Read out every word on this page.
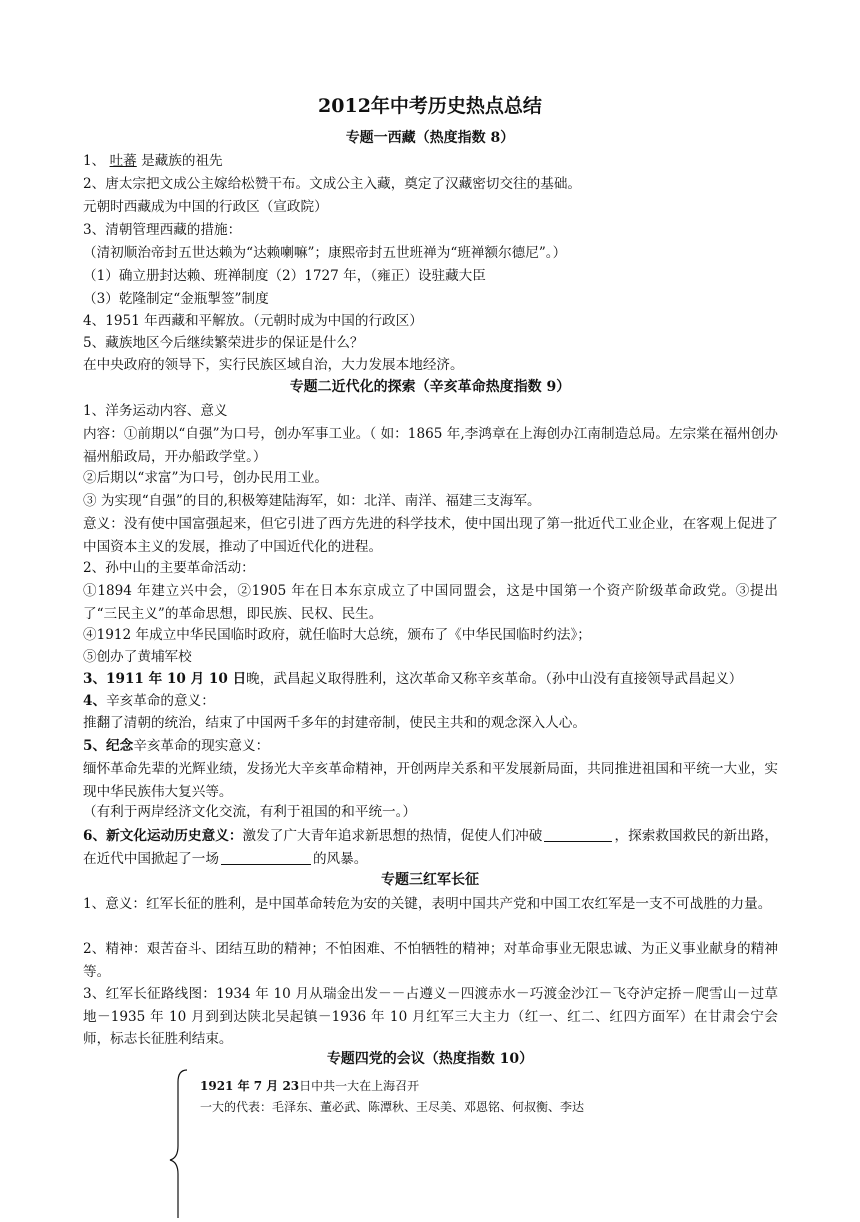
2012年中考历史热点总结
专题一西藏（热度指数 8）
1、 吐蕃 是藏族的祖先
2、唐太宗把文成公主嫁给松赞干布。文成公主入藏，奠定了汉藏密切交往的基础。
元朝时西藏成为中国的行政区（宣政院）
3、清朝管理西藏的措施：
（清初顺治帝封五世达赖为“达赖喇嘛”；康熙帝封五世班禅为“班禅额尔德尼”。）
（1）确立册封达赖、班禅制度（2）1727 年，（雍正）设驻藏大臣
（3）乾隆制定“金瓶掣签”制度
4、1951 年西藏和平解放。（元朝时成为中国的行政区）
5、藏族地区今后继续繁荣进步的保证是什么？
在中央政府的领导下，实行民族区域自治，大力发展本地经济。
专题二近代化的探索（辛亥革命热度指数 9）
1、洋务运动内容、意义
内容：①前期以“自强”为口号，创办军事工业。（ 如：1865 年,李鸿章在上海创办江南制造总局。左宗棠在福州创办福州船政局，开办船政学堂。）
②后期以“求富”为口号，创办民用工业。
③ 为实现“自强”的目的,积极筹建陆海军，如：北洋、南洋、福建三支海军。
意义：没有使中国富强起来，但它引进了西方先进的科学技术，使中国出现了第一批近代工业企业，在客观上促进了中国资本主义的发展，推动了中国近代化的进程。
2、孙中山的主要革命活动：
①1894 年建立兴中会，②1905 年在日本东京成立了中国同盟会，这是中国第一个资产阶级革命政党。③提出了“三民主义”的革命思想，即民族、民权、民生。
④1912 年成立中华民国临时政府，就任临时大总统，颁布了《中华民国临时约法》；
⑤创办了黄埔军校
3、1911 年 10 月 10 日晚，武昌起义取得胜利，这次革命又称辛亥革命。（孙中山没有直接领导武昌起义）
4、辛亥革命的意义：
推翻了清朝的统治，结束了中国两千多年的封建帝制，使民主共和的观念深入人心。
5、纪念辛亥革命的现实意义：
缅怀革命先辈的光辉业绩，发扬光大辛亥革命精神，开创两岸关系和平发展新局面，共同推进祖国和平统一大业，实现中华民族伟大复兴等。
（有利于两岸经济文化交流，有利于祖国的和平统一。）
6、新文化运动历史意义：激发了广大青年追求新思想的热情，促使人们冲破	，探索救国救民的新出路，在近代中国掀起了一场	的风暴。
专题三红军长征
1、意义：红军长征的胜利，是中国革命转危为安的关键，表明中国共产党和中国工农红军是一支不可战胜的力量。
2、精神：艰苦奋斗、团结互助的精神；不怕困难、不怕牺牲的精神；对革命事业无限忠诚、为正义事业献身的精神等。
3、红军长征路线图：1934 年 10 月从瑞金出发－－占遵义－四渡赤水－巧渡金沙江－飞夺泸定挢－爬雪山－过草地－1935 年 10 月到到达陕北吴起镇－1936 年 10 月红军三大主力（红一、红二、红四方面军）在甘肃会宁会师，标志长征胜利结束。
专题四党的会议（热度指数 10）
1921 年 7 月 23日中共一大在上海召开
一大的代表：毛泽东、董必武、陈潭秋、王尽美、邓恩铭、何叔衡、李达
